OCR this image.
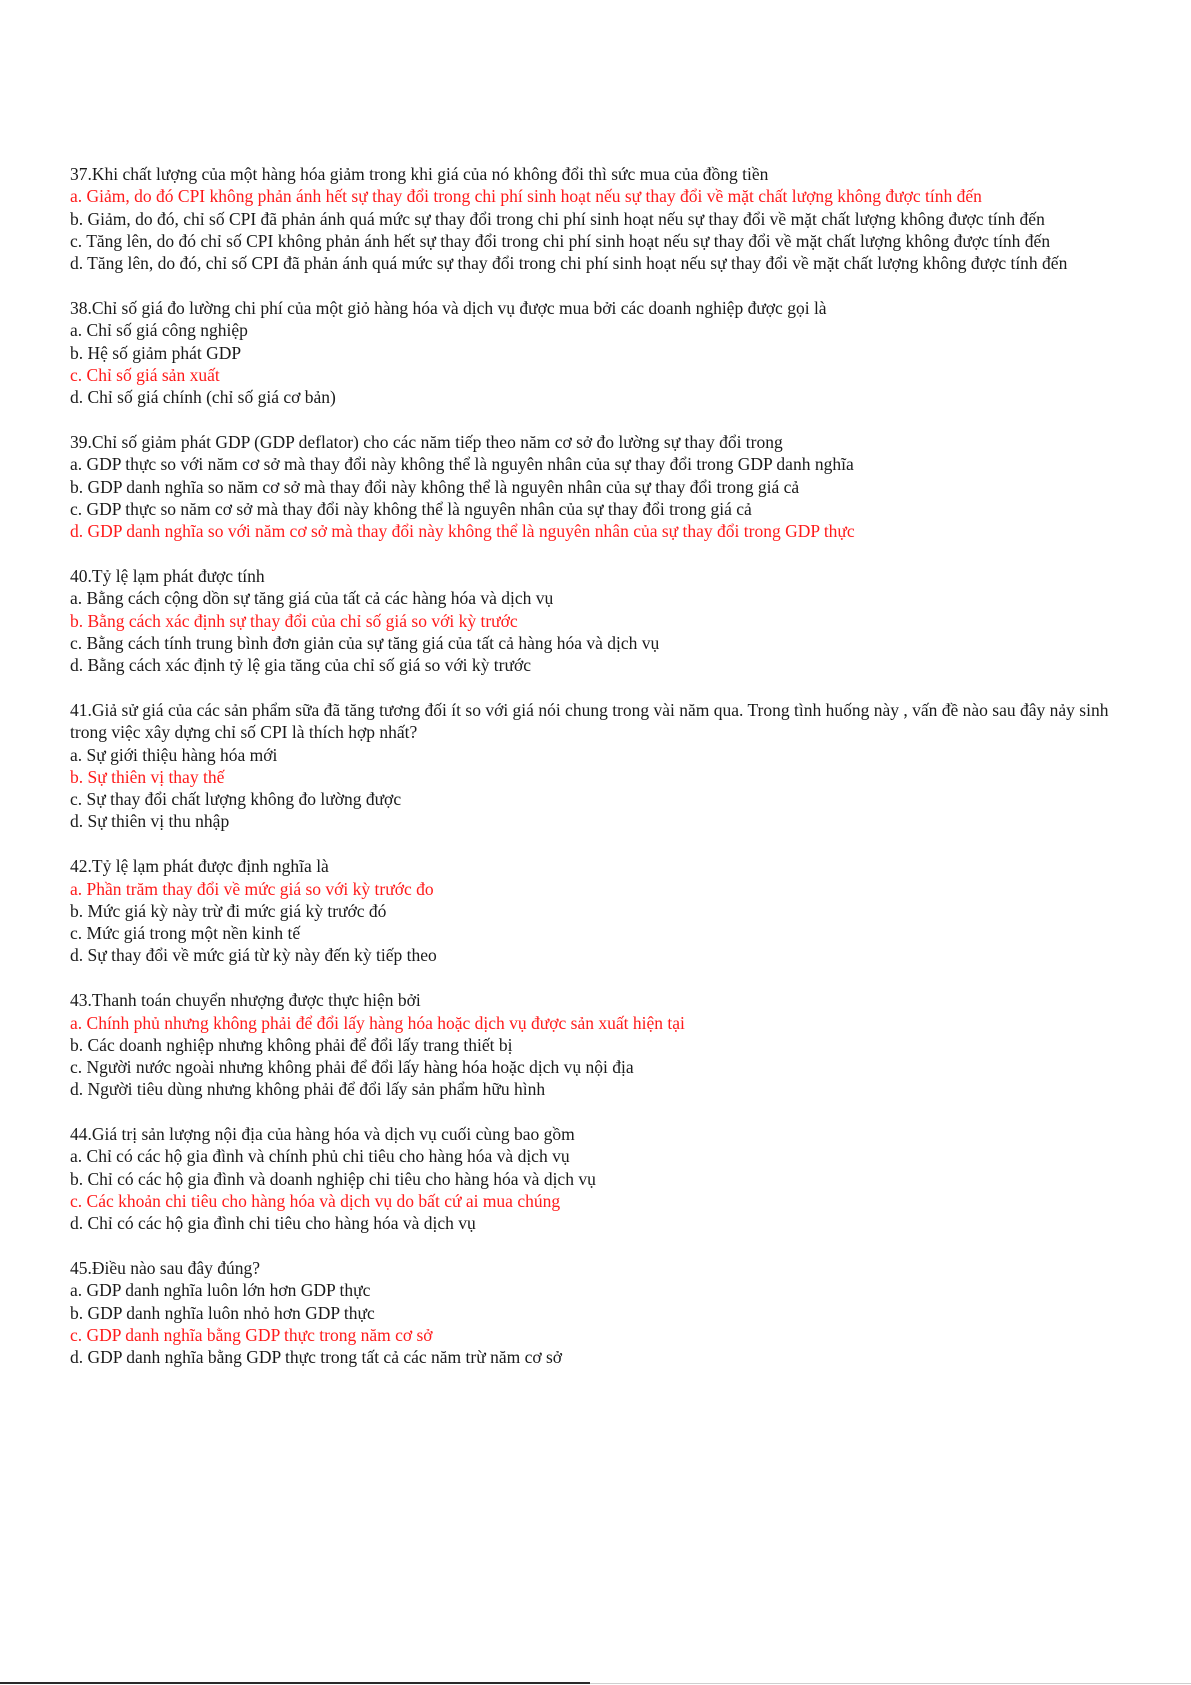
37.Khi chất lượng của một hàng hóa giảm trong khi giá của nó không đổi thì sức mua của đồng tiền
a. Giảm, do đó CPI không phản ánh hết sự thay đổi trong chi phí sinh hoạt nếu sự thay đổi về mặt chất lượng không được tính đến
b. Giảm, do đó, chỉ số CPI đã phản ánh quá mức sự thay đổi trong chi phí sinh hoạt nếu sự thay đổi về mặt chất lượng không được tính đến
c. Tăng lên, do đó chỉ số CPI không phản ánh hết sự thay đổi trong chi phí sinh hoạt nếu sự thay đổi về mặt chất lượng không được tính đến
d. Tăng lên, do đó, chỉ số CPI đã phản ánh quá mức sự thay đổi trong chi phí sinh hoạt nếu sự thay đổi về mặt chất lượng không được tính đến
38.Chỉ số giá đo lường chi phí của một giỏ hàng hóa và dịch vụ được mua bởi các doanh nghiệp được gọi là
a. Chỉ số giá công nghiệp
b. Hệ số giảm phát GDP
c. Chỉ số giá sản xuất
d. Chỉ số giá chính (chỉ số giá cơ bản)
39.Chỉ số giảm phát GDP (GDP deflator) cho các năm tiếp theo năm cơ sở đo lường sự thay đổi trong
a. GDP thực so với năm cơ sở mà thay đổi này không thể là nguyên nhân của sự thay đổi trong GDP danh nghĩa
b. GDP danh nghĩa so năm cơ sở mà thay đổi này không thể là nguyên nhân của sự thay đổi trong giá cả
c. GDP thực so năm cơ sở mà thay đổi này không thể là nguyên nhân của sự thay đổi trong giá cả
d. GDP danh nghĩa so với năm cơ sở mà thay đổi này không thể là nguyên nhân của sự thay đổi trong GDP thực
40.Tỷ lệ lạm phát được tính
a. Bằng cách cộng dồn sự tăng giá của tất cả các hàng hóa và dịch vụ
b. Bằng cách xác định sự thay đổi của chỉ số giá so với kỳ trước
c. Bằng cách tính trung bình đơn giản của sự tăng giá của tất cả hàng hóa và dịch vụ
d. Bằng cách xác định tỷ lệ gia tăng của chỉ số giá so với kỳ trước
41.Giả sử giá của các sản phẩm sữa đã tăng tương đối ít so với giá nói chung trong vài năm qua. Trong tình huống này , vấn đề nào sau đây nảy sinh trong việc xây dựng chỉ số CPI là thích hợp nhất?
a. Sự giới thiệu hàng hóa mới
b. Sự thiên vị thay thế
c. Sự thay đổi chất lượng không đo lường được
d. Sự thiên vị thu nhập
42.Tỷ lệ lạm phát được định nghĩa là
a. Phần trăm thay đổi về mức giá so với kỳ trước đo
b. Mức giá kỳ này trừ đi mức giá kỳ trước đó
c. Mức giá trong một nền kinh tế
d. Sự thay đổi về mức giá từ kỳ này đến kỳ tiếp theo
43.Thanh toán chuyển nhượng được thực hiện bởi
a. Chính phủ nhưng không phải để đổi lấy hàng hóa hoặc dịch vụ được sản xuất hiện tại
b. Các doanh nghiệp nhưng không phải để đổi lấy trang thiết bị
c. Người nước ngoài nhưng không phải để đổi lấy hàng hóa hoặc dịch vụ nội địa
d. Người tiêu dùng nhưng không phải để đổi lấy sản phẩm hữu hình
44.Giá trị sản lượng nội địa của hàng hóa và dịch vụ cuối cùng bao gồm
a. Chỉ có các hộ gia đình và chính phủ chi tiêu cho hàng hóa và dịch vụ
b. Chỉ có các hộ gia đình và doanh nghiệp chi tiêu cho hàng hóa và dịch vụ
c. Các khoản chi tiêu cho hàng hóa và dịch vụ do bất cứ ai mua chúng
d. Chỉ có các hộ gia đình chi tiêu cho hàng hóa và dịch vụ
45.Điều nào sau đây đúng?
a. GDP danh nghĩa luôn lớn hơn GDP thực
b. GDP danh nghĩa luôn nhỏ hơn GDP thực
c. GDP danh nghĩa bằng GDP thực trong năm cơ sở
d. GDP danh nghĩa bằng GDP thực trong tất cả các năm trừ năm cơ sở
